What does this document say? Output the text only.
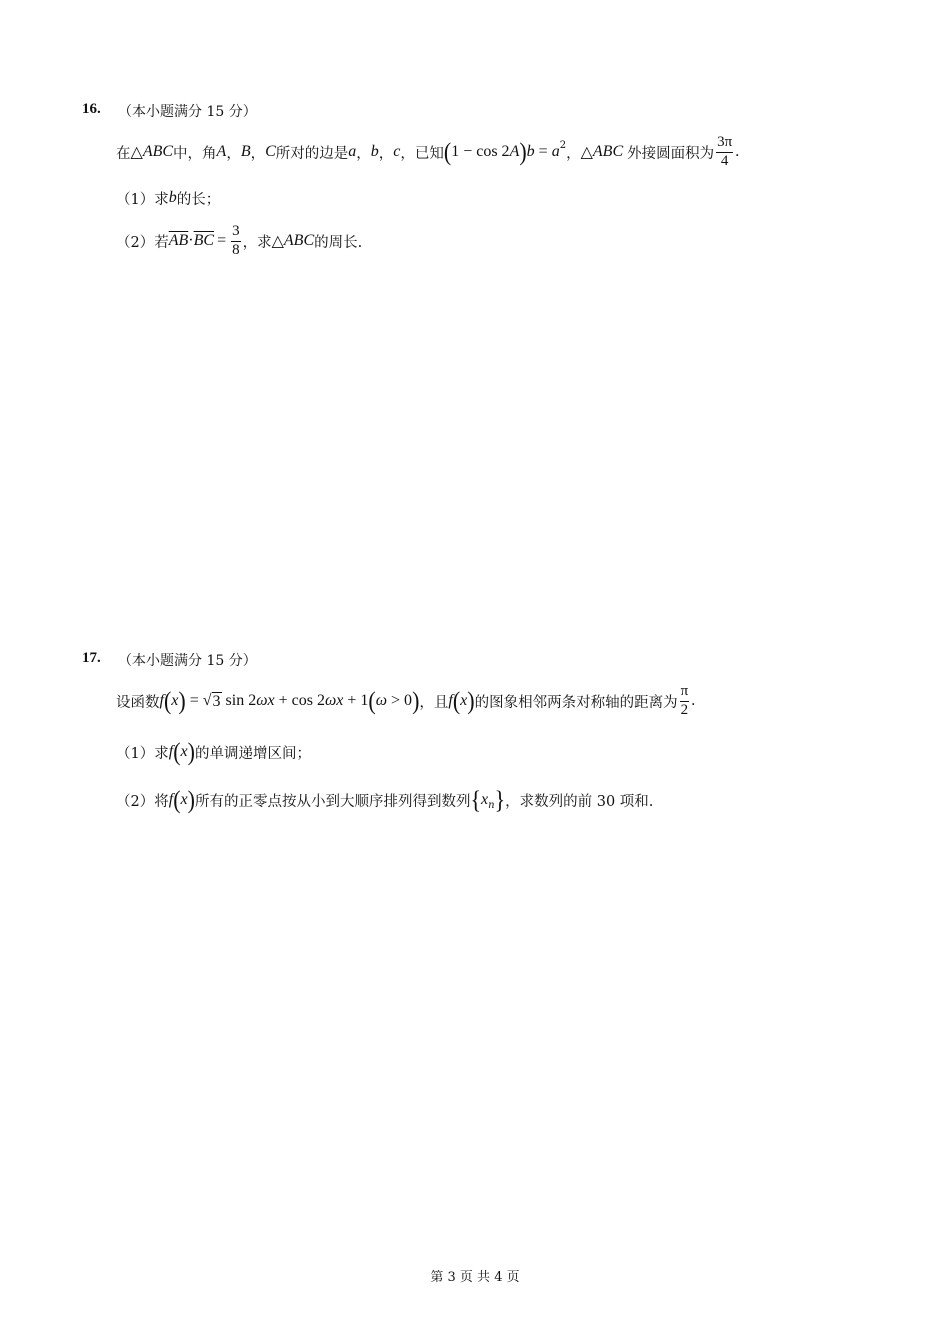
16. （本小题满分 15 分）
在 △ ABC 中，角 A ， B ， C 所对的边是 a ， b ， c ，已知 ( 1 − cos 2 A ) b = a 2 ， △ ABC 外接圆面积为 $\frac{3\pi}{4}$ .
（1）求 b 的长；
（2）若 $\overline{AB} \cdot \overline{BC} = \frac{3}{8}$ ，求 △ ABC 的周长.
17. （本小题满分 15 分）
设函数 f ( x ) = √ 3 sin 2 ωx + cos 2 ωx + 1 ( ω > 0 ) ，且 f ( x ) 的图象相邻两条对称轴的距离为 $\frac{\pi}{2}$ .
（1）求 f ( x ) 的单调递增区间；
（2）将 f ( x ) 所有的正零点按从小到大顺序排列得到数列 { x n } ，求数列的前 30 项和.
第 3 页 共 4 页
